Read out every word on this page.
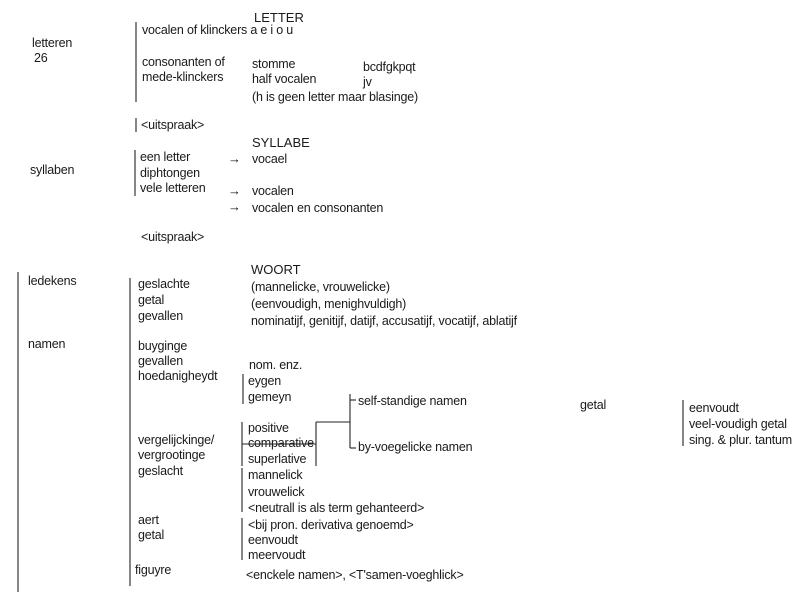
LETTER
letteren
26
vocalen of klinckers a e i o u
consonanten of
mede-klinckers
stomme	bcdfgkpqt
half vocalen	jv
(h is geen letter maar blasinge)
<uitspraak>
SYLLABE
syllaben
een letter
diphtongen
vele letteren
→
→
→
vocael
vocalen
vocalen en consonanten
<uitspraak>
WOORT
ledekens	geslachte
getal
gevallen
(mannelicke, vrouwelicke)
(eenvoudigh, menighvuldigh)
nominatijf, genitijf, datijf, accusatijf, vocatijf, ablatijf
namen	buyginge
gevallen	nom. enz.
hoedanigheydt eygen
gemeyn	self-standige namen	getal	eenvoudt
veel-voudigh getal
sing. & plur. tantum
vergelijckinge/
vergrootinge
positive
comparative
superlative
by-voegelicke namen
geslacht	mannelick
vrouwelick
<neutrall is als term gehanteerd>
aert	<bij pron. derivativa genoemd>
getal	eenvoudt
meervoudt
figuyre	<enckele namen>, <T'samen-voeghlick>
